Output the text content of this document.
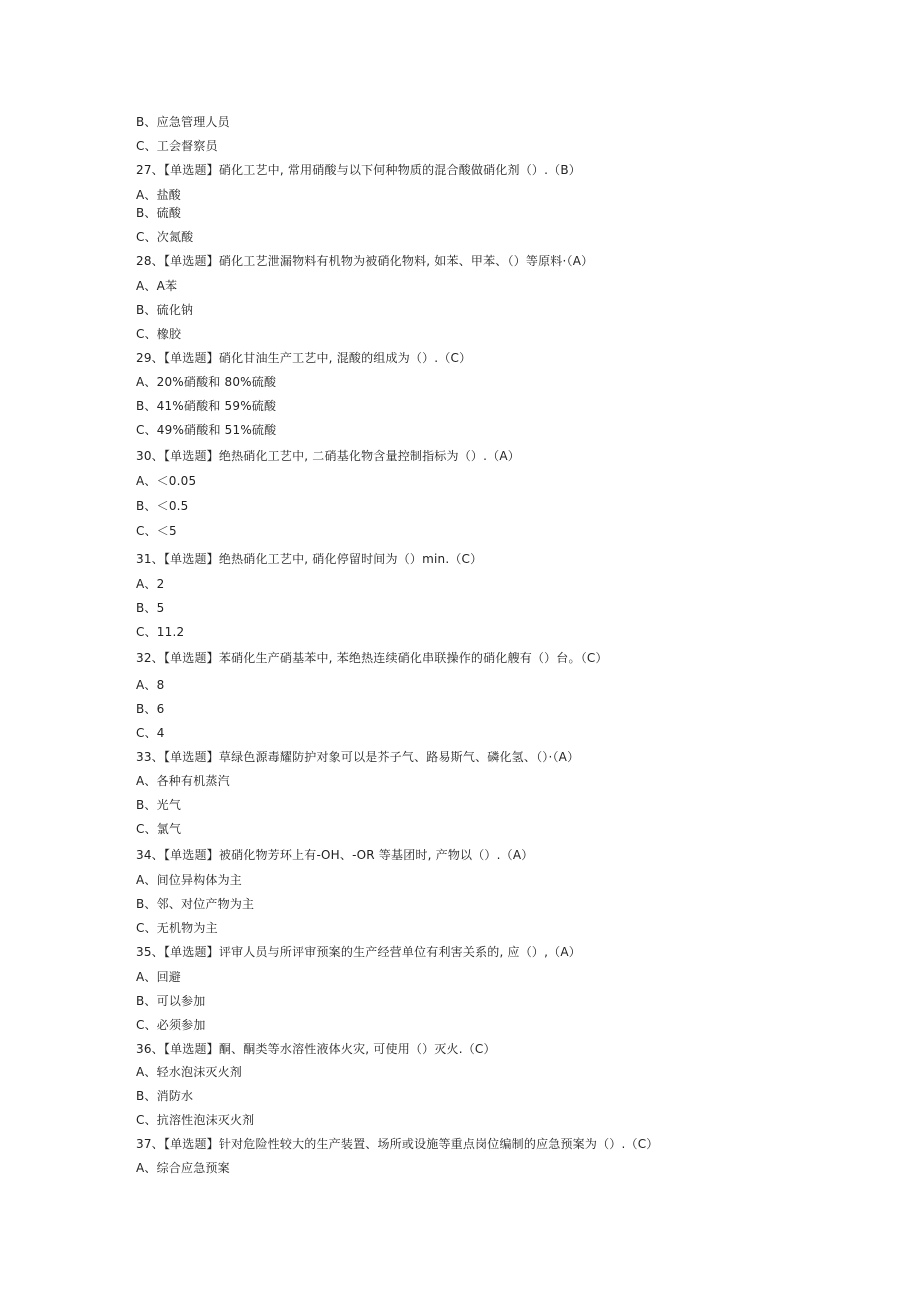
B、应急管理人员
C、工会督察员
27、【单选题】硝化工艺中, 常用硝酸与以下何种物质的混合酸做硝化剂（）.（B）
A、盐酸
B、硫酸
C、次氮酸
28、【单选题】硝化工艺泄漏物料有机物为被硝化物料, 如苯、甲苯、（）等原料·（A）
A、A苯
B、硫化钠
C、橡胶
29、【单选题】硝化甘油生产工艺中, 混酸的组成为（）.（C）
A、20%硝酸和 80%硫酸
B、41%硝酸和 59%硫酸
C、49%硝酸和 51%硫酸
30、【单选题】绝热硝化工艺中, 二硝基化物含量控制指标为（）.（A）
A、＜0.05
B、＜0.5
C、＜5
31、【单选题】绝热硝化工艺中, 硝化停留时间为（）min.（C）
A、2
B、5
C、11.2
32、【单选题】苯硝化生产硝基苯中, 苯绝热连续硝化串联操作的硝化艘有（）台。（C）
A、8
B、6
C、4
33、【单选题】草绿色源毒耀防护对象可以是芥子气、路易斯气、磷化氢、（）·（A）
A、各种有机蒸汽
B、光气
C、氯气
34、【单选题】被硝化物芳环上有-OH、-OR 等基团时, 产物以（）.（A）
A、间位异构体为主
B、邻、对位产物为主
C、无机物为主
35、【单选题】评审人员与所评审预案的生产经营单位有利害关系的, 应（）,（A）
A、回避
B、可以参加
C、必须参加
36、【单选题】酮、酮类等水溶性液体火灾, 可使用（）灭火.（C）
A、轻水泡沫灭火剂
B、消防水
C、抗溶性泡沫灭火剂
37、【单选题】针对危险性较大的生产装置、场所或设施等重点岗位编制的应急预案为（）.（C）
A、综合应急预案
